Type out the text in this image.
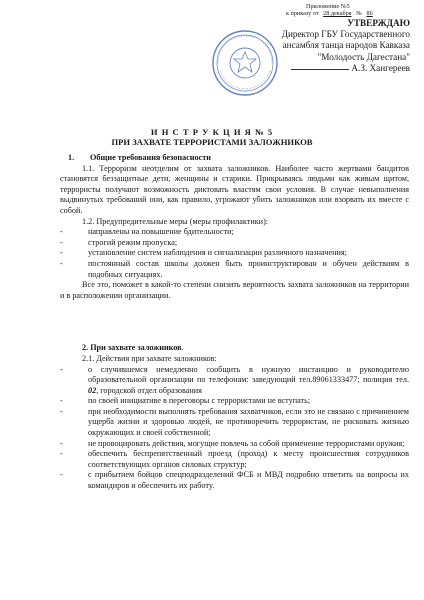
Приложение №5
к приказу от 28 декабря № 86
УТВЕРЖДАЮ
Директор ГБУ Государственного
ансамбля танца народов Кавказа
"Молодость Дагестана"
А.З. Хангереев
И Н С Т Р У К Ц И Я № 5
ПРИ ЗАХВАТЕ ТЕРРОРИСТАМИ ЗАЛОЖНИКОВ

1. Общие требования безопасности

1.1. Терроризм неотделим от захвата заложников. Наиболее часто жертвами бандитов становятся беззащитные дети, женщины и старики. Прикрываясь людьми как живым щитом, террористы получают возможность диктовать властям свои условия. В случае невыполнения выдвинутых требований они, как правило, угрожают убить заложников или взорвать их вместе с собой.

1.2. Предупредительные меры (меры профилактики):

-	направлены на повышение бдительности;
-	строгий режим пропуска;
-	установление систем наблюдения и сигнализации различного назначения;
-	постоянный состав школы должен быть проинструктирован и обучен действиям в подобных ситуациях.

Все это, поможет в какой-то степени снизить вероятность захвата заложников на территории и в расположении организации.

2. При захвате заложников.

2.1. Действия при захвате заложников:

-	о случившемся немедленно сообщить в нужную инстанцию и руководителю образовательной организации по телефонам: заведующий тел.89061333477; полиция тел. 02, городской отдел образования
-	по своей инициативе в переговоры с террористами не вступать;
-	при необходимости выполнять требования захватчиков, если это не связано с причинением ущерба жизни и здоровью людей, не противоречить террористам, не рисковать жизнью окружающих и своей собственной;
-	не провоцировать действия, могущие повлечь за собой применение террористами оружия;
-	обеспечить беспрепятственный проезд (проход) к месту происшествия сотрудников соответствующих органов силовых структур;
-	с прибытием бойцов спецподразделений ФСБ и МВД подробно ответить на вопросы их командиров и обеспечить их работу.
